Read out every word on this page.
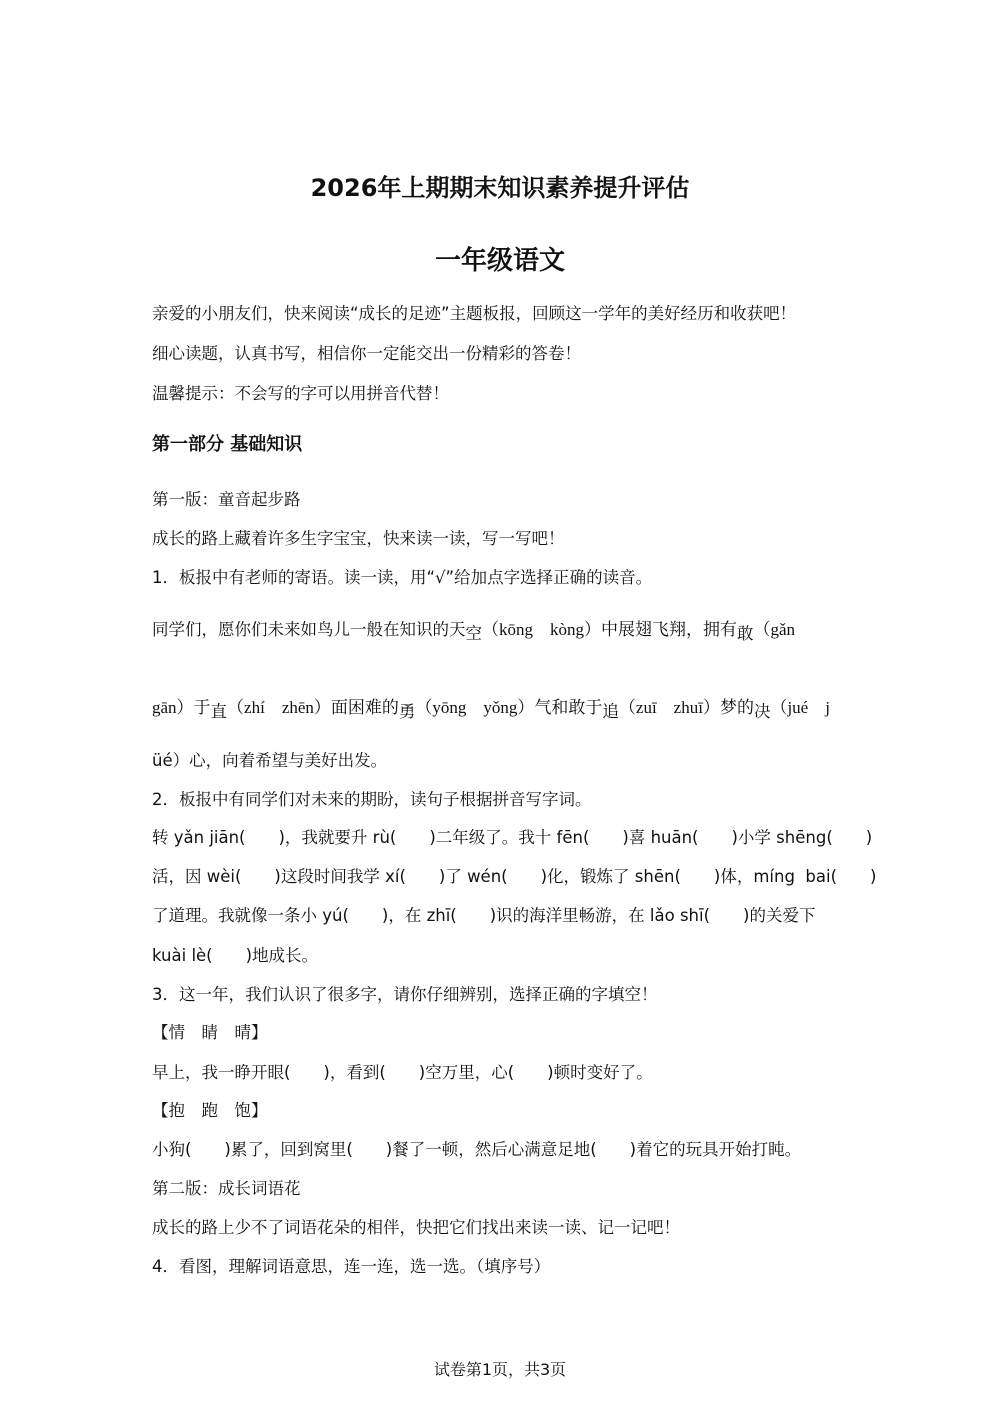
2026年上期期末知识素养提升评估
一年级语文
亲爱的小朋友们，快来阅读“成长的足迹”主题板报，回顾这一学年的美好经历和收获吧！
细心读题，认真书写，相信你一定能交出一份精彩的答卷！
温馨提示：不会写的字可以用拼音代替！
第一部分 基础知识
第一版：童音起步路
成长的路上藏着许多生字宝宝，快来读一读，写一写吧！
1．板报中有老师的寄语。读一读，用“√”给加点字选择正确的读音。
同学们，愿你们未来如鸟儿一般在知识的天空（kōng　kòng）中展翅飞翔，拥有敢（gǎn
gān）于直（zhí　zhēn）面困难的勇（yōng　yǒng）气和敢于追（zuī　zhuī）梦的决（jué　j
üé）心，向着希望与美好出发。
2．板报中有同学们对未来的期盼，读句子根据拼音写字词。
转 yǎn jiān(　　)，我就要升 rù(　　)二年级了。我十 fēn(　　)喜 huān(　　)小学 shēng(　　)
活，因 wèi(　　)这段时间我学 xí(　　)了 wén(　　)化，锻炼了 shēn(　　)体，míng  bai(　　)
了道理。我就像一条小 yú(　　)，在 zhī(　　)识的海洋里畅游，在 lǎo shī(　　)的关爱下
kuài lè(　　)地成长。
3．这一年，我们认识了很多字，请你仔细辨别，选择正确的字填空！
【情　睛　晴】
早上，我一睁开眼(　　)，看到(　　)空万里，心(　　)顿时变好了。
【抱　跑　饱】
小狗(　　)累了，回到窝里(　　)餐了一顿，然后心满意足地(　　)着它的玩具开始打盹。
第二版：成长词语花
成长的路上少不了词语花朵的相伴，快把它们找出来读一读、记一记吧！
4．看图，理解词语意思，连一连，选一选。（填序号）
试卷第1页，共3页
